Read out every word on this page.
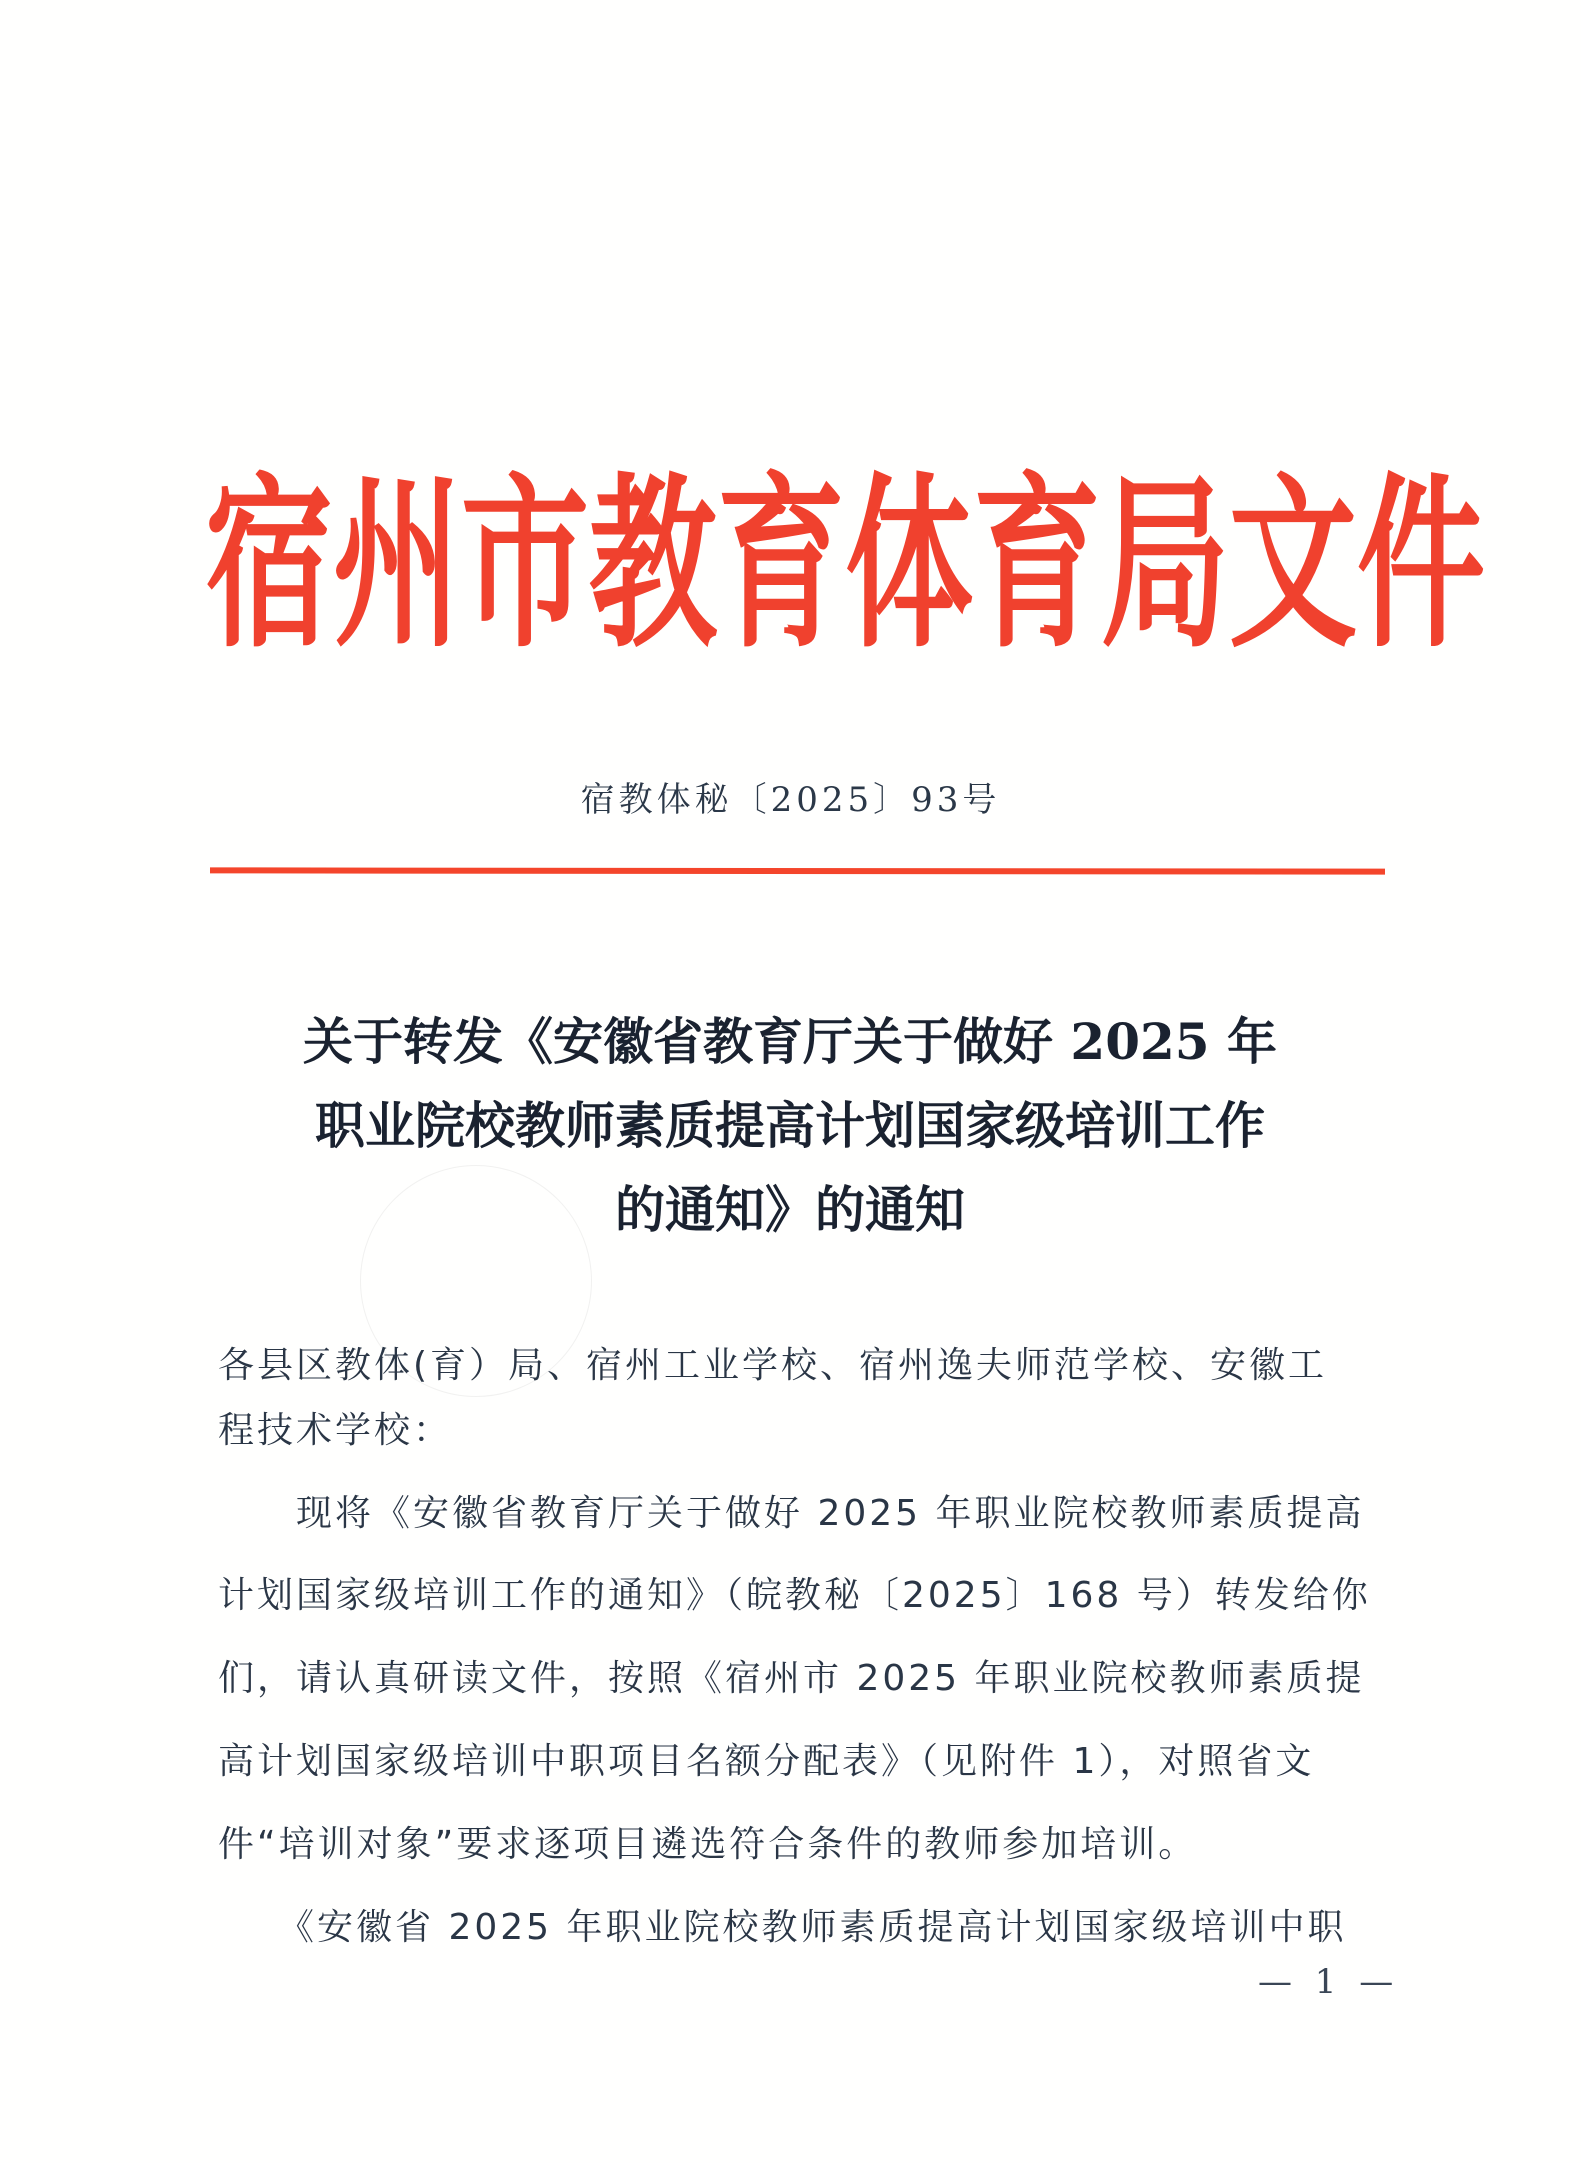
宿 州 市 教 育 体 育 局 文 件
宿教体秘〔2025〕93号
关于转发《安徽省教育厅关于做好 2025 年
职业院校教师素质提高计划国家级培训工作
的通知》的通知
各县区教体(育）局、宿州工业学校、宿州逸夫师范学校、安徽工
程技术学校：
　　现将《安徽省教育厅关于做好 2025 年职业院校教师素质提高
计划国家级培训工作的通知》（皖教秘〔2025〕168 号）转发给你
们，请认真研读文件，按照《宿州市 2025 年职业院校教师素质提
高计划国家级培训中职项目名额分配表》（见附件 1），对照省文
件“培训对象”要求逐项目遴选符合条件的教师参加培训。
　　《安徽省 2025 年职业院校教师素质提高计划国家级培训中职
— 1 —
